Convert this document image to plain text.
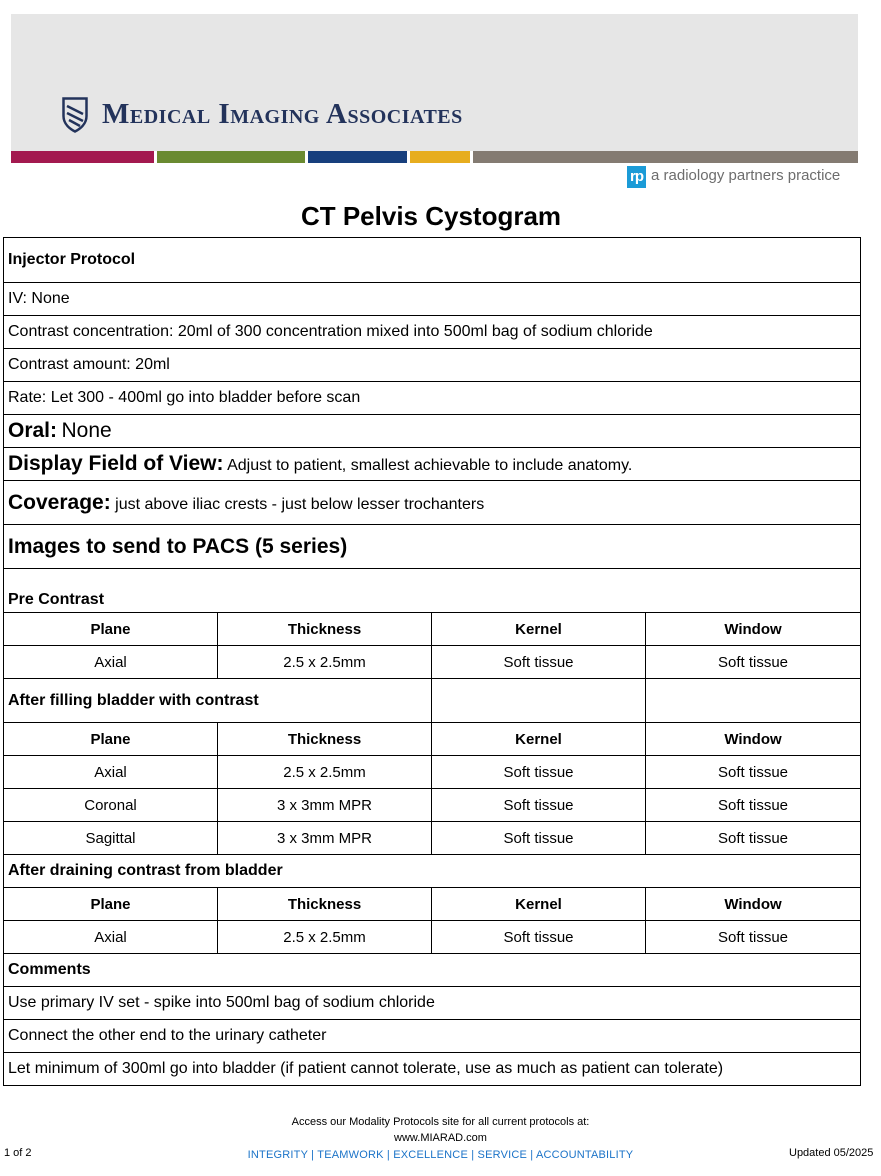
Medical Imaging Associates
rp a radiology partners practice
CT Pelvis Cystogram
Injector Protocol			
IV: None			
Contrast concentration: 20ml of 300 concentration mixed into 500ml bag of sodium chloride			
Contrast amount: 20ml			
Rate: Let 300 - 400ml go into bladder before scan			
Oral: None			
Display Field of View: Adjust to patient, smallest achievable to include anatomy.			
Coverage: just above iliac crests - just below lesser trochanters			
Images to send to PACS (5 series)			
Pre Contrast			
Plane	Thickness	Kernel	Window
Axial	2.5 x 2.5mm	Soft tissue	Soft tissue
After filling bladder with contrast			
Plane	Thickness	Kernel	Window
Axial	2.5 x 2.5mm	Soft tissue	Soft tissue
Coronal	3 x 3mm MPR	Soft tissue	Soft tissue
Sagittal	3 x 3mm MPR	Soft tissue	Soft tissue
After draining contrast from bladder			
Plane	Thickness	Kernel	Window
Axial	2.5 x 2.5mm	Soft tissue	Soft tissue
Comments			
Use primary IV set - spike into 500ml bag of sodium chloride			
Connect the other end to the urinary catheter			
Let minimum of 300ml go into bladder (if patient cannot tolerate, use as much as patient can tolerate)			
Access our Modality Protocols site for all current protocols at:
www.MIARAD.com
INTEGRITY | TEAMWORK | EXCELLENCE | SERVICE | ACCOUNTABILITY
1 of 2	Updated 05/2025
